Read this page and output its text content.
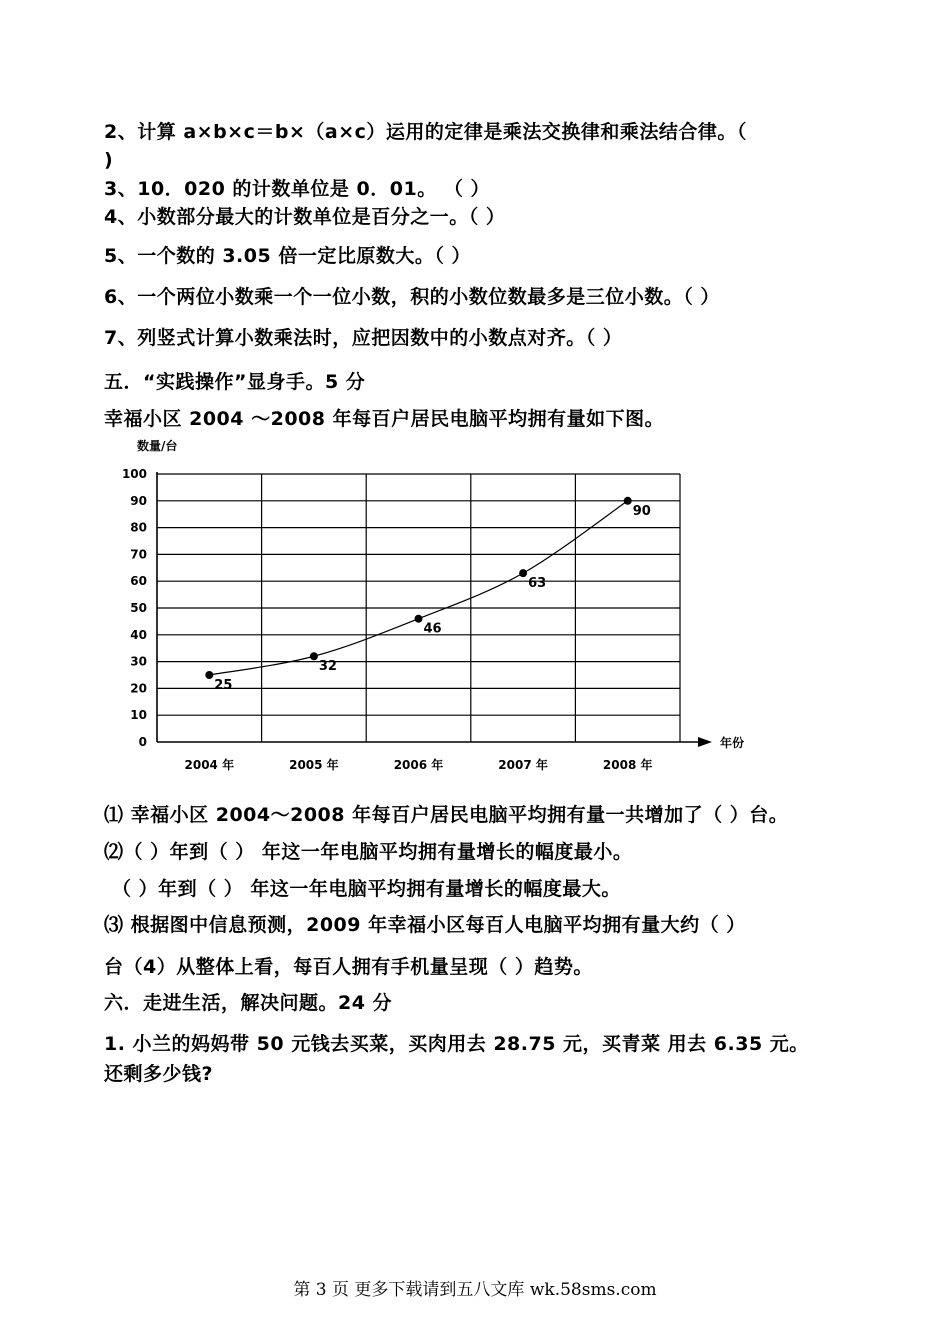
2、计算 a×b×c＝b×（a×c）运用的定律是乘法交换律和乘法结合律。（
)
3、10．020 的计数单位是 0．01。 （ ）
4、小数部分最大的计数单位是百分之一。（ ）
5、一个数的 3.05 倍一定比原数大。（ ）
6、一个两位小数乘一个一位小数，积的小数位数最多是三位小数。（ ）
7、列竖式计算小数乘法时，应把因数中的小数点对齐。（ ）
五．“实践操作”显身手。5 分
幸福小区 2004 ～2008 年每百户居民电脑平均拥有量如下图。
0
10
20
30
40
50
60
70
80
90
100
数量/台
年份
2004 年	2005 年	2006 年	2007 年	2008 年
25
32
46
63
90
⑴ 幸福小区 2004～2008 年每百户居民电脑平均拥有量一共增加了（ ）台。
⑵（ ）年到（ ） 年这一年电脑平均拥有量增长的幅度最小。
（ ）年到（ ） 年这一年电脑平均拥有量增长的幅度最大。
⑶ 根据图中信息预测，2009 年幸福小区每百人电脑平均拥有量大约（ ）
台（4）从整体上看，每百人拥有手机量呈现（ ）趋势。
六．走进生活，解决问题。24 分
1. 小兰的妈妈带 50 元钱去买菜，买肉用去 28.75 元，买青菜 用去 6.35 元。
还剩多少钱?
第 3 页 更多下载请到五八文库 wk.58sms.com
